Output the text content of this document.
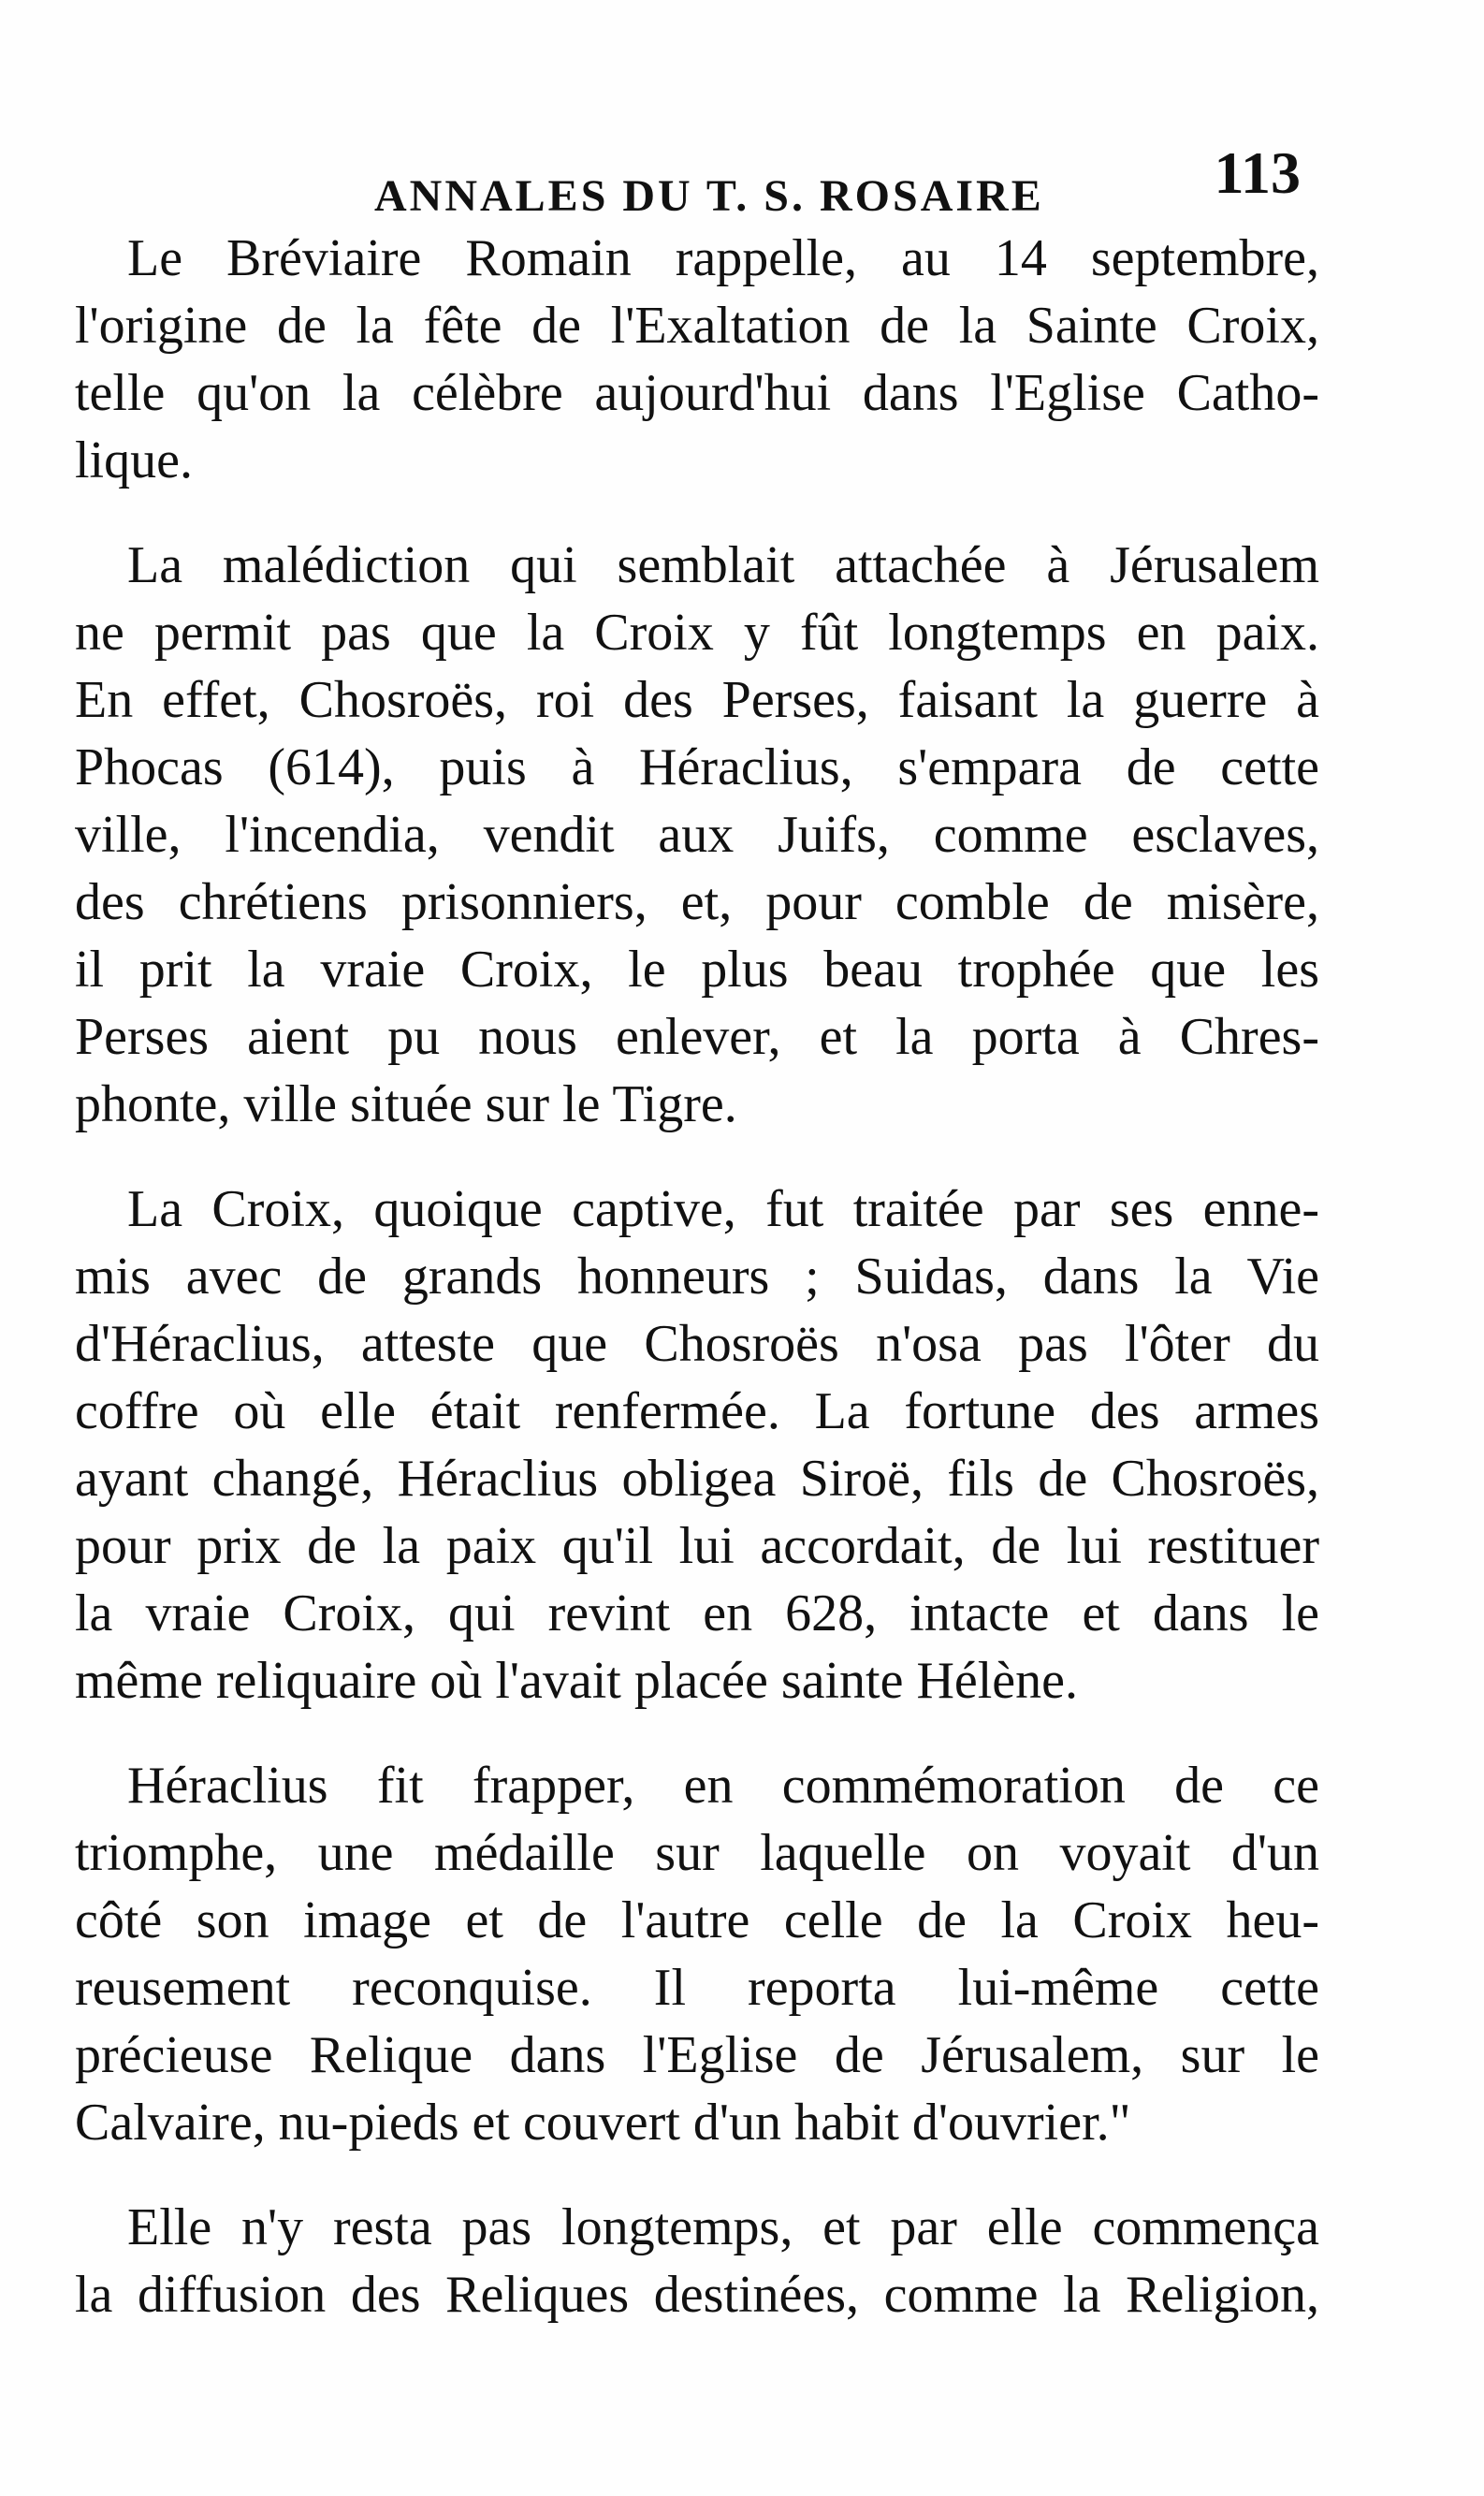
ANNALES DU T. S. ROSAIRE	113

Le Bréviaire Romain rappelle, au 14 septembre,
l'origine de la fête de l'Exaltation de la Sainte Croix,
telle qu'on la célèbre aujourd'hui dans l'Eglise Catho-
lique.

La malédiction qui semblait attachée à Jérusalem
ne permit pas que la Croix y fût longtemps en paix.
En effet, Chosroës, roi des Perses, faisant la guerre à
Phocas (614), puis à Héraclius, s'empara de cette
ville, l'incendia, vendit aux Juifs, comme esclaves,
des chrétiens prisonniers, et, pour comble de misère,
il prit la vraie Croix, le plus beau trophée que les
Perses aient pu nous enlever, et la porta à Chres-
phonte, ville située sur le Tigre.

La Croix, quoique captive, fut traitée par ses enne-
mis avec de grands honneurs ; Suidas, dans la Vie
d'Héraclius, atteste que Chosroës n'osa pas l'ôter du
coffre où elle était renfermée. La fortune des armes
ayant changé, Héraclius obligea Siroë, fils de Chosroës,
pour prix de la paix qu'il lui accordait, de lui restituer
la vraie Croix, qui revint en 628, intacte et dans le
même reliquaire où l'avait placée sainte Hélène.

Héraclius fit frapper, en commémoration de ce
triomphe, une médaille sur laquelle on voyait d'un
côté son image et de l'autre celle de la Croix heu-
reusement reconquise. Il reporta lui-même cette
précieuse Relique dans l'Eglise de Jérusalem, sur le
Calvaire, nu-pieds et couvert d'un habit d'ouvrier."

Elle n'y resta pas longtemps, et par elle commença
la diffusion des Reliques destinées, comme la Religion,
